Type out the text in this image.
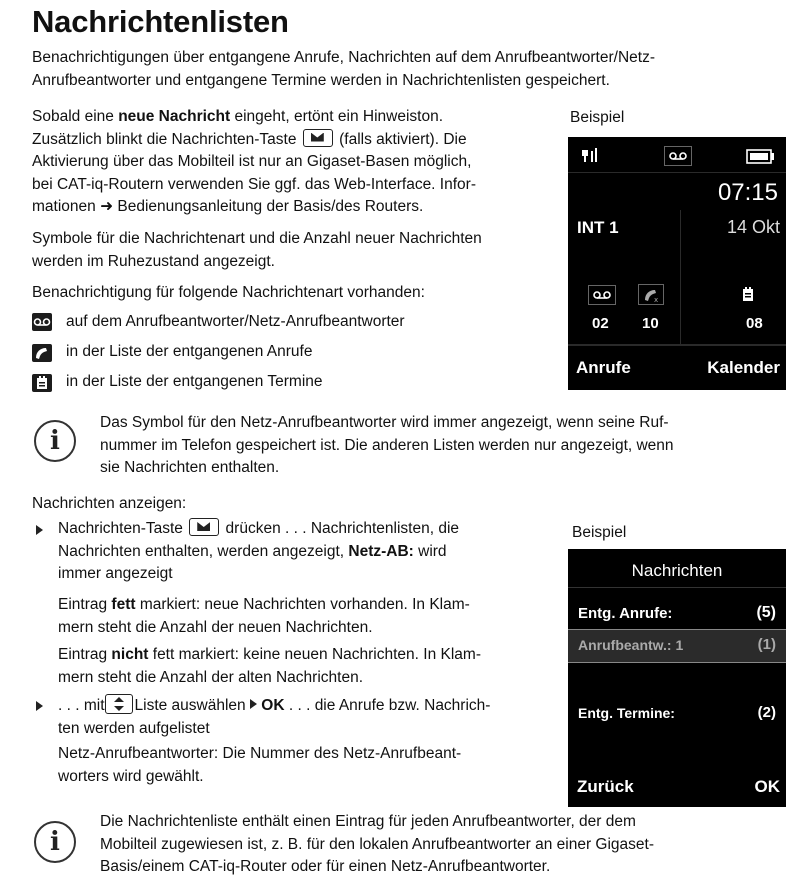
Nachrichtenlisten
Benachrichtigungen über entgangene Anrufe, Nachrichten auf dem Anrufbeantworter/Netz-
Anrufbeantworter und entgangene Termine werden in Nachrichtenlisten gespeichert.
Sobald eine neue Nachricht eingeht, ertönt ein Hinweiston.
Zusätzlich blinkt die Nachrichten-Taste	(falls aktiviert). Die
Aktivierung über das Mobilteil ist nur an Gigaset-Basen möglich,
bei CAT-iq-Routern verwenden Sie ggf. das Web-Interface. Infor-
mationen ➜ Bedienungsanleitung der Basis/des Routers.
Symbole für die Nachrichtenart und die Anzahl neuer Nachrichten
werden im Ruhezustand angezeigt.
Benachrichtigung für folgende Nachrichtenart vorhanden:
auf dem Anrufbeantworter/Netz-Anrufbeantworter
in der Liste der entgangenen Anrufe
in der Liste der entgangenen Termine
Beispiel
07:15
INT 1	14 Okt
x
02 10	08
Anrufe	Kalender
i
Das Symbol für den Netz-Anrufbeantworter wird immer angezeigt, wenn seine Ruf-
nummer im Telefon gespeichert ist. Die anderen Listen werden nur angezeigt, wenn
sie Nachrichten enthalten.
Nachrichten anzeigen:
Nachrichten-Taste	drücken . . . Nachrichtenlisten, die
Nachrichten enthalten, werden angezeigt, Netz-AB: wird
immer angezeigt
Eintrag fett markiert: neue Nachrichten vorhanden. In Klam-
mern steht die Anzahl der neuen Nachrichten.
Eintrag nicht fett markiert: keine neuen Nachrichten. In Klam-
mern steht die Anzahl der alten Nachrichten.
. . . mit Liste auswählen OK . . . die Anrufe bzw. Nachrich-
ten werden aufgelistet
Netz-Anrufbeantworter: Die Nummer des Netz-Anrufbeant-
worters wird gewählt.
Beispiel
Nachrichten
Entg. Anrufe:	(5)
Anrufbeantw.: 1	(1)
Entg. Termine:	(2)
Zurück	OK
i
Die Nachrichtenliste enthält einen Eintrag für jeden Anrufbeantworter, der dem
Mobilteil zugewiesen ist, z. B. für den lokalen Anrufbeantworter an einer Gigaset-
Basis/einem CAT-iq-Router oder für einen Netz-Anrufbeantworter.
